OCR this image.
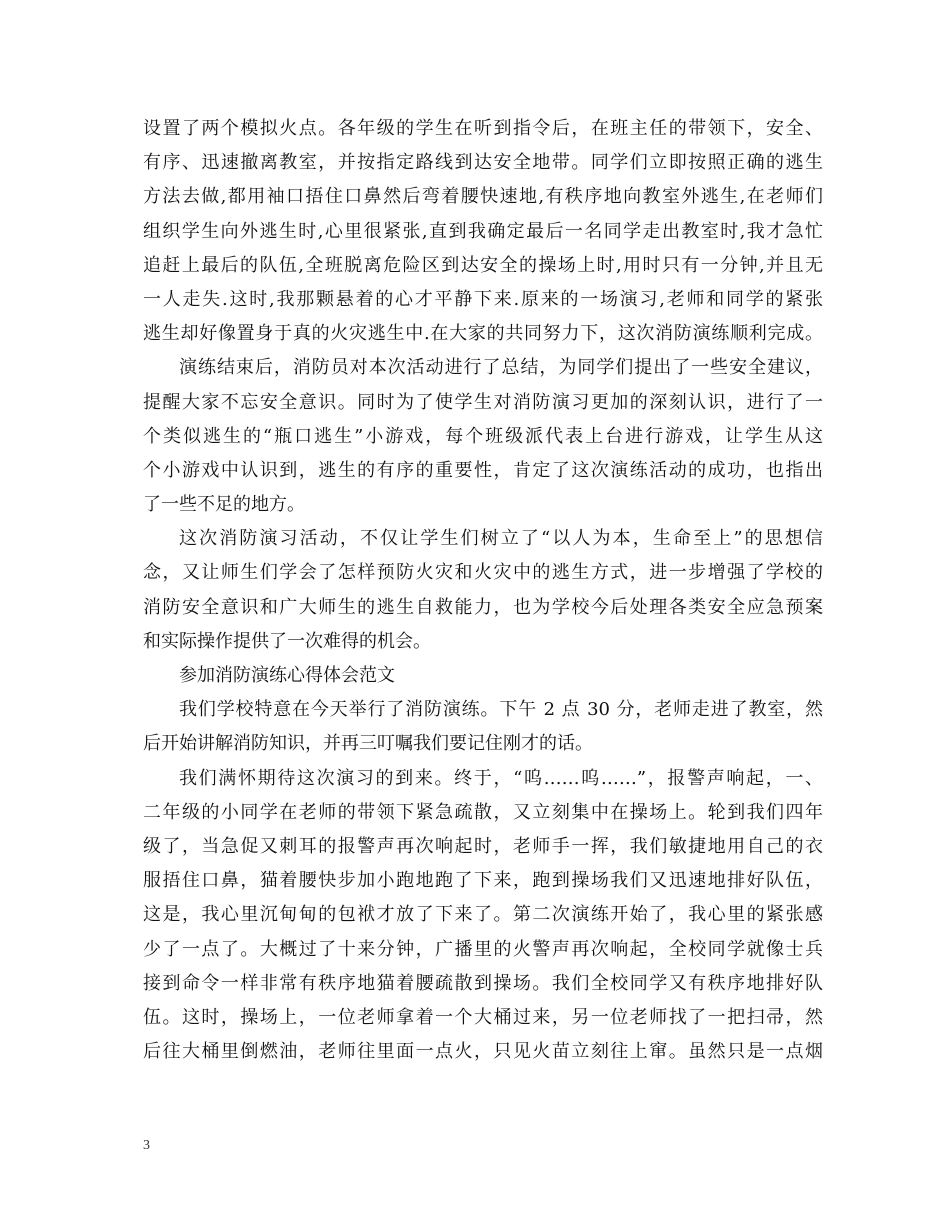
设置了两个模拟火点。各年级的学生在听到指令后，在班主任的带领下，安全、
有序、迅速撤离教室，并按指定路线到达安全地带。同学们立即按照正确的逃生
方法去做,都用袖口捂住口鼻然后弯着腰快速地,有秩序地向教室外逃生,在老师们
组织学生向外逃生时,心里很紧张,直到我确定最后一名同学走出教室时,我才急忙
追赶上最后的队伍,全班脱离危险区到达安全的操场上时,用时只有一分钟,并且无
一人走失.这时,我那颗悬着的心才平静下来.原来的一场演习,老师和同学的紧张
逃生却好像置身于真的火灾逃生中.在大家的共同努力下，这次消防演练顺利完成。
演练结束后，消防员对本次活动进行了总结，为同学们提出了一些安全建议，
提醒大家不忘安全意识。同时为了使学生对消防演习更加的深刻认识，进行了一
个类似逃生的“瓶口逃生”小游戏，每个班级派代表上台进行游戏，让学生从这
个小游戏中认识到，逃生的有序的重要性，肯定了这次演练活动的成功，也指出
了一些不足的地方。
这次消防演习活动，不仅让学生们树立了“以人为本，生命至上”的思想信
念，又让师生们学会了怎样预防火灾和火灾中的逃生方式，进一步增强了学校的
消防安全意识和广大师生的逃生自救能力，也为学校今后处理各类安全应急预案
和实际操作提供了一次难得的机会。
参加消防演练心得体会范文
我们学校特意在今天举行了消防演练。下午 2 点 30 分，老师走进了教室，然
后开始讲解消防知识，并再三叮嘱我们要记住刚才的话。
我们满怀期待这次演习的到来。终于，“呜……呜……”，报警声响起，一、
二年级的小同学在老师的带领下紧急疏散，又立刻集中在操场上。轮到我们四年
级了，当急促又刺耳的报警声再次响起时，老师手一挥，我们敏捷地用自己的衣
服捂住口鼻，猫着腰快步加小跑地跑了下来，跑到操场我们又迅速地排好队伍，
这是，我心里沉甸甸的包袱才放了下来了。第二次演练开始了，我心里的紧张感
少了一点了。大概过了十来分钟，广播里的火警声再次响起，全校同学就像士兵
接到命令一样非常有秩序地猫着腰疏散到操场。我们全校同学又有秩序地排好队
伍。这时，操场上，一位老师拿着一个大桶过来，另一位老师找了一把扫帚，然
后往大桶里倒燃油，老师往里面一点火，只见火苗立刻往上窜。虽然只是一点烟
3
